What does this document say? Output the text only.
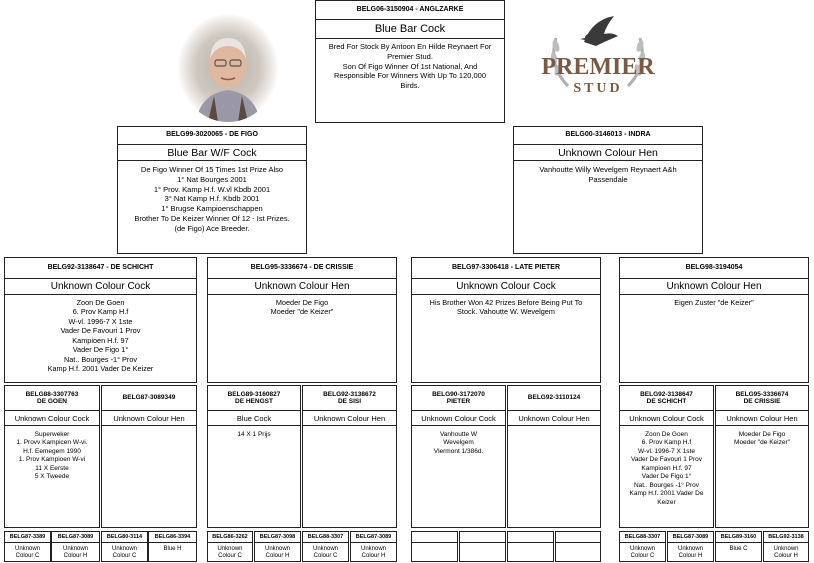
PREMIER
STUD
BELG06-3150904 - ANGLZARKE
Blue Bar Cock
Bred For Stock By Antoon En Hilde Reynaert For
Premier Stud.
Son Of Figo Winner Of 1st National, And
Responsible For Winners With Up To 120,000
Birds.
BELG99-3020065 - DE FIGO
Blue Bar W/F Cock
De Figo Winner Of 15 Times 1st Prize Also
1° Nat Bourges 2001
1° Prov. Kamp H.f. W.vl Kbdb 2001
3° Nat Kamp H.f. Kbdb 2001
1° Brugse Kampioenschappen
Brother To De Keizer Winner Of 12 - Ist Prizes.
(de Figo) Ace Breeder.
BELG00-3146013 - INDRA
Unknown Colour Hen
Vanhoutte Willy Wevelgem Reynaert A&h
Passendale
BELG92-3138647 - DE SCHICHT
Unknown Colour Cock
Zoon De Goen
6. Prov Kamp H.f
W-vl. 1996-7 X 1ste
Vader De Favouri 1 Prov
Kampioen H.f. 97
Vader De Figo 1°
Nat.. Bourges -1° Prov
Kamp H.f. 2001 Vader De Keizer
BELG95-3336674 - DE CRISSIE
Unknown Colour Hen
Moeder De Figo
Moeder "de Keizer"
BELG97-3306418 - LATE PIETER
Unknown Colour Cock
His Brother Won 42 Prizes Before Being Put To
Stock. Vahoutte W. Wevelgem
BELG98-3194054
Unknown Colour Hen
Eigen Zuster "de Keizer"
BELG88-3307763
DE GOEN
Unknown Colour Cock
Superweker
1. Provv Kampicen W-vi.
H.f. Eemegem 1990
1. Prov Kampioen W-vi
11 X Eerste
5 X Tweede
BELG87-3089349
Unknown Colour Hen
BELG89-3160827
DE HENGST
Blue Cock
14 X 1 Prijs
BELG92-3138672
DE SISI
Unknown Colour Hen
BELG90-3172070
PIETER
Unknown Colour Cock
Vanhoutte W
Wevelgem
Vlermont 1/386d.
BELG92-3110124
Unknown Colour Hen
BELG92-3138647
DE SCHICHT
Unknown Colour Cock
Zoon De Goen
6. Prov Kamp H.f
W-vl. 1996-7 X 1ste
Vader De Favouri 1 Prov
Kampioen H.f. 97
Vader De Figo 1°
Nat.. Bourges -1° Prov
Kamp H.f. 2001 Vader De
Keizer
BELG95-3336674
DE CRISSIE
Unknown Colour Hen
Moeder De Figo
Moeder "de Keizer"
BELG87-3389
Unknown
Colour C
BELG87-3089
Unknown
Colour H
BELG80-3114
Unknown
Colour C
BELG86-3394
Blue H
BELG86-3262
Unknown
Colour C
BELG87-3098
Unknown
Colour H
BELG88-3307
Unknown
Colour C
BELG87-3089
Unknown
Colour H
BELG88-3307
Unknown
Colour C
BELG87-3089
Unknown
Colour H
BELG89-3160
Blue C
BELG92-3138
Unknown
Colour H
